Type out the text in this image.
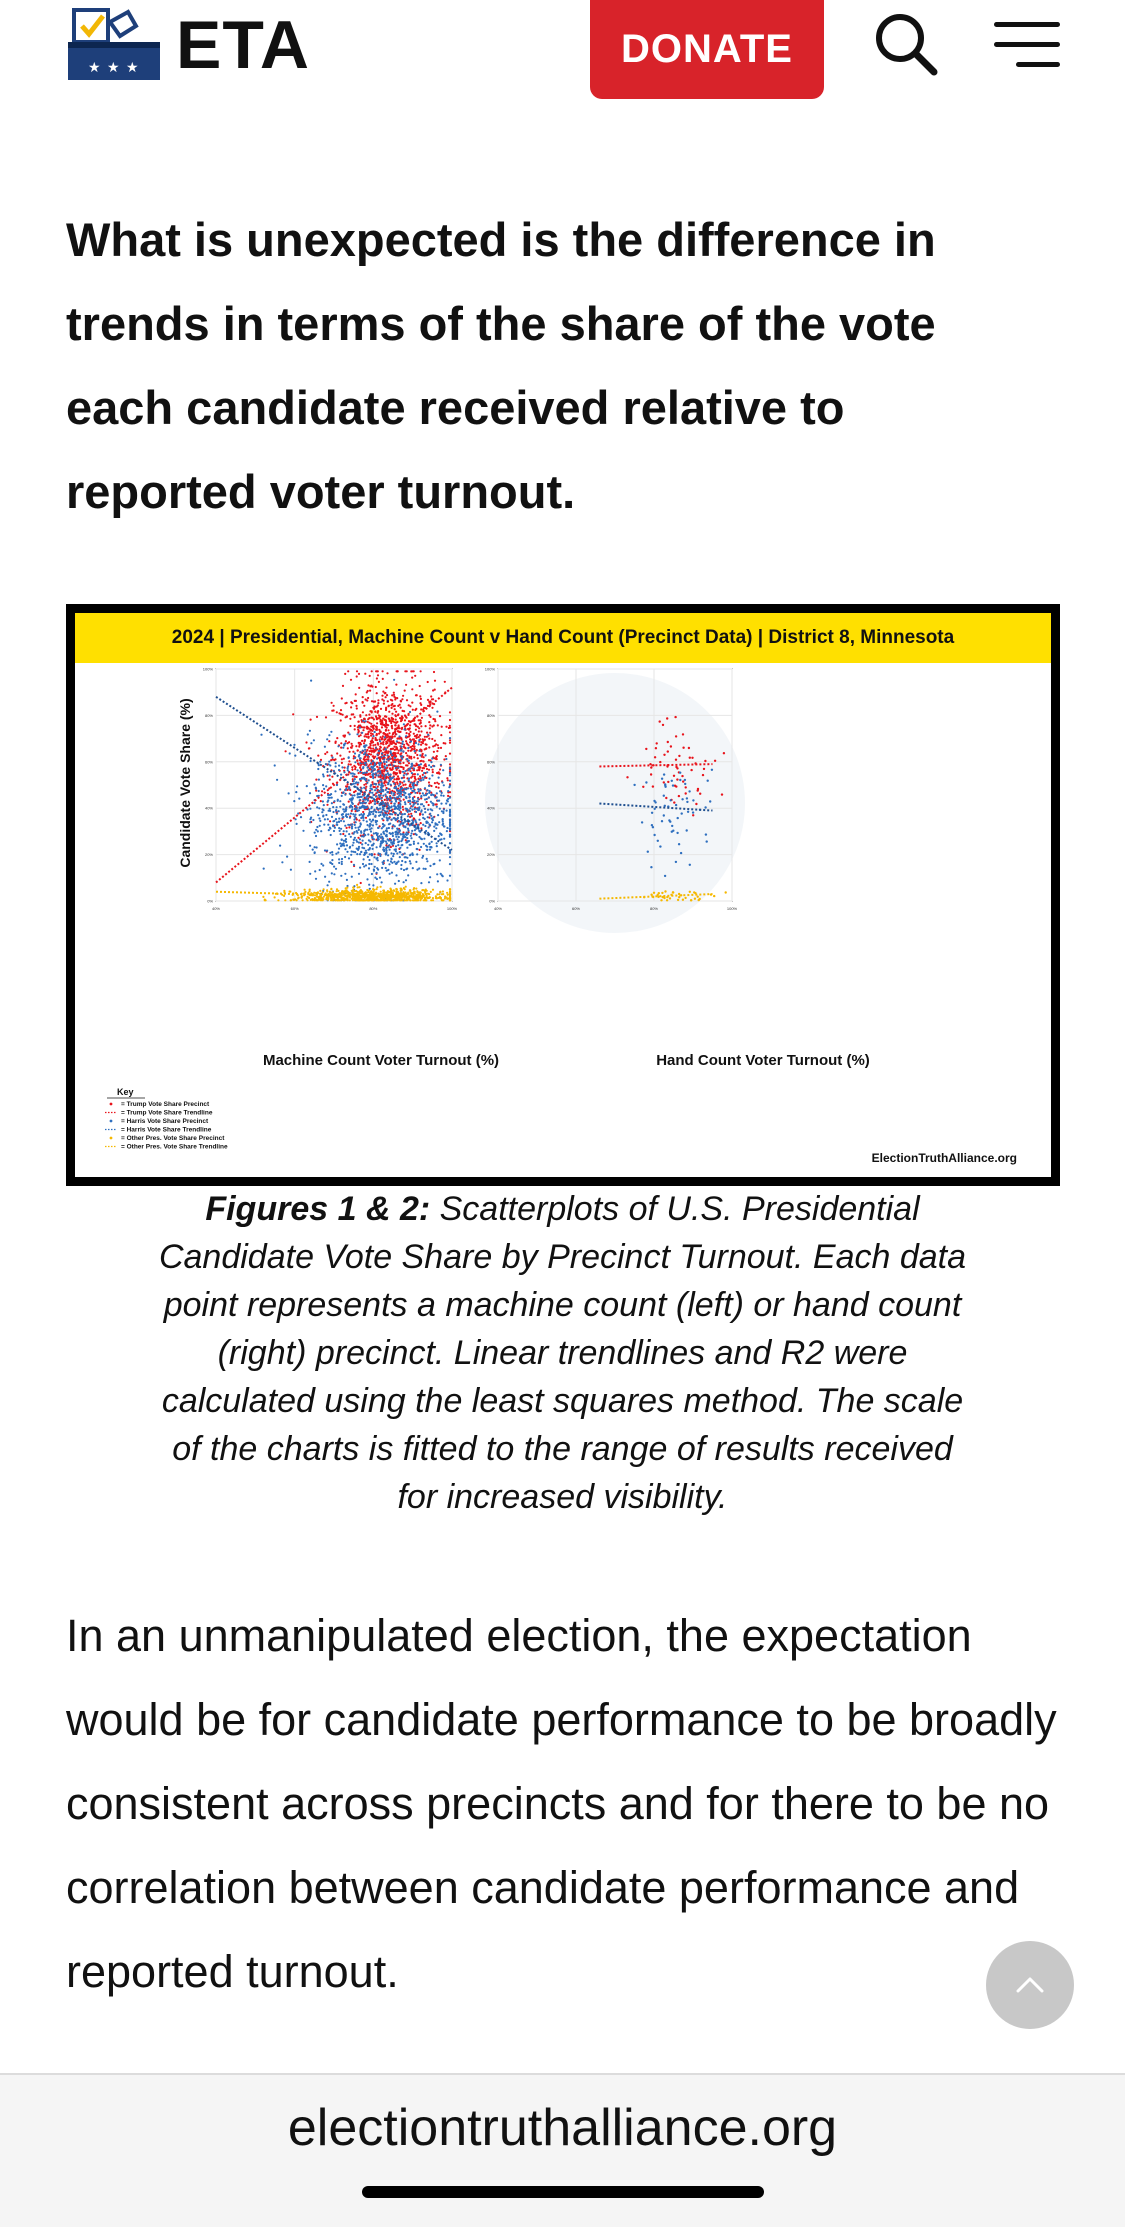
★ ★ ★ ETA	DONATE

What is unexpected is the difference in trends in terms of the share of the vote each candidate received relative to reported voter turnout.

2024 | Presidential, Machine Count v Hand Count (Precinct Data) | District 8, Minnesota
40%	60%	80%	100%
0%
20%
40%
60%
80%
100%
40%	60%	80%	100%
0%
20%
40%
60%
80%
100%
Candidate Vote Share (%)
Machine Count Voter Turnout (%)	Hand Count Voter Turnout (%)
Key
= Trump Vote Share Precinct
= Trump Vote Share Trendline
= Harris Vote Share Precinct
= Harris Vote Share Trendline
= Other Pres. Vote Share Precinct
= Other Pres. Vote Share Trendline
ElectionTruthAlliance.org

Figures 1 & 2: Scatterplots of U.S. Presidential Candidate Vote Share by Precinct Turnout. Each data point represents a machine count (left) or hand count (right) precinct. Linear trendlines and R2 were calculated using the least squares method. The scale of the charts is fitted to the range of results received for increased visibility.

In an unmanipulated election, the expectation would be for candidate performance to be broadly consistent across precincts and for there to be no correlation between candidate performance and reported turnout.

electiontruthalliance.org
